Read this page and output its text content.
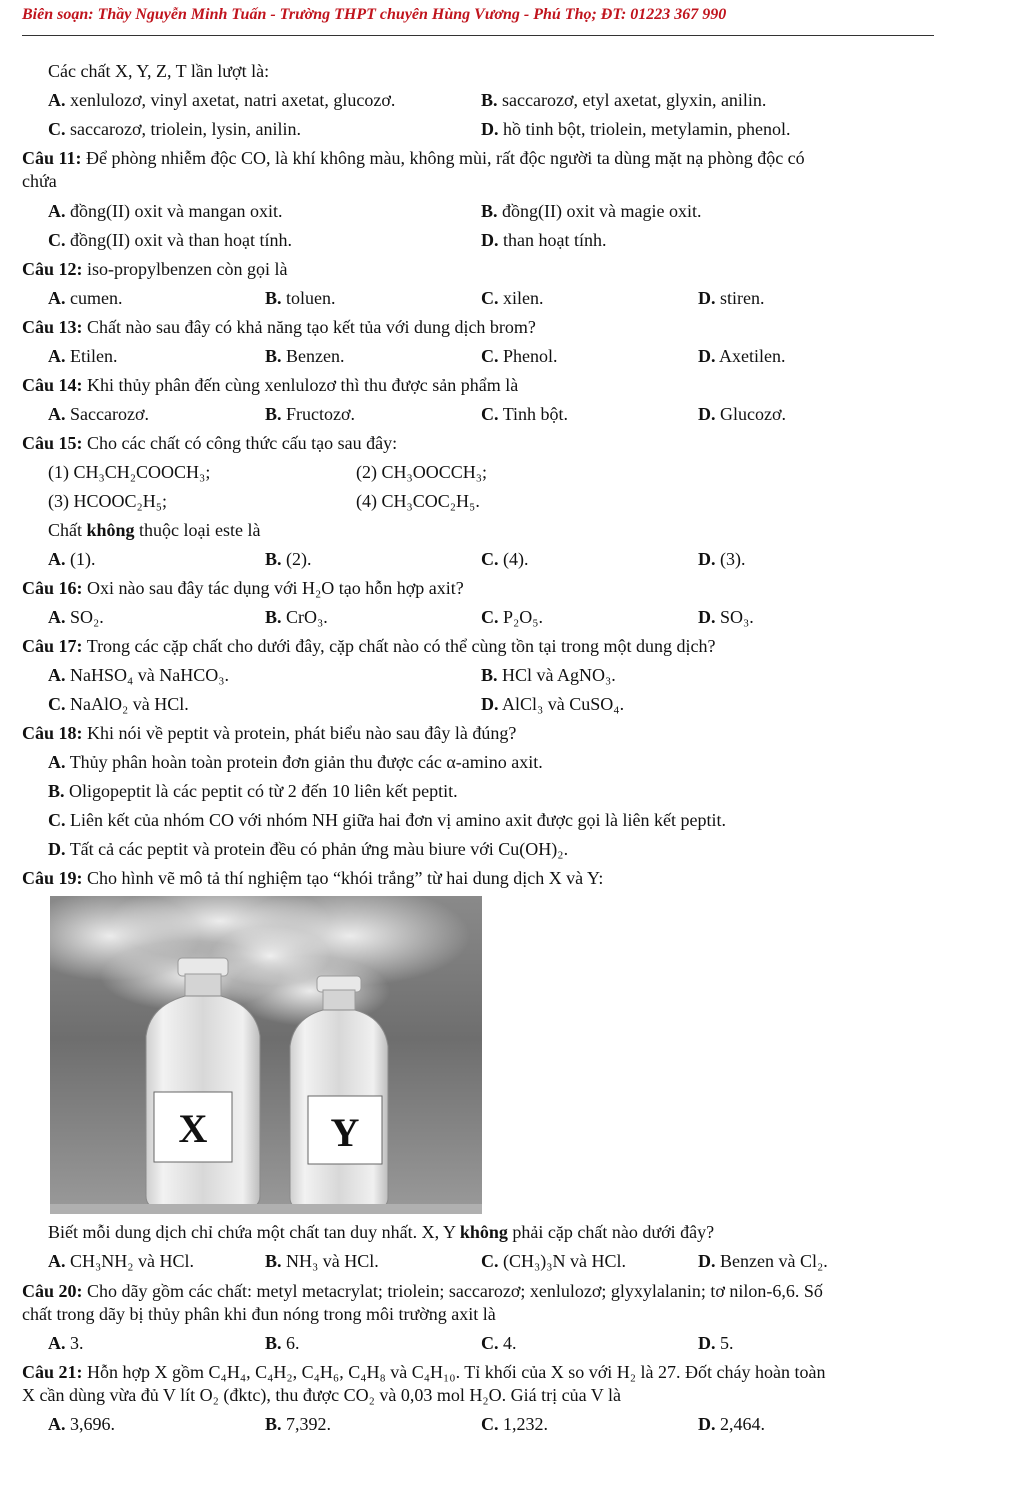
Biên soạn: Thầy Nguyễn Minh Tuấn - Trường THPT chuyên Hùng Vương - Phú Thọ; ĐT: 01223 367 990
Các chất X, Y, Z, T lần lượt là:
A. xenlulozơ, vinyl axetat, natri axetat, glucozơ.	B. saccarozơ, etyl axetat, glyxin, anilin.
C. saccarozơ, triolein, lysin, anilin.	D. hồ tinh bột, triolein, metylamin, phenol.
Câu 11: Để phòng nhiễm độc CO, là khí không màu, không mùi, rất độc người ta dùng mặt nạ phòng độc có
chứa
A. đồng(II) oxit và mangan oxit.	B. đồng(II) oxit và magie oxit.
C. đồng(II) oxit và than hoạt tính.	D. than hoạt tính.
Câu 12: iso-propylbenzen còn gọi là
A. cumen.	B. toluen.	C. xilen.	D. stiren.
Câu 13: Chất nào sau đây có khả năng tạo kết tủa với dung dịch brom?
A. Etilen.	B. Benzen.	C. Phenol.	D. Axetilen.
Câu 14: Khi thủy phân đến cùng xenlulozơ thì thu được sản phẩm là
A. Saccarozơ.	B. Fructozơ.	C. Tinh bột.	D. Glucozơ.
Câu 15: Cho các chất có công thức cấu tạo sau đây:
(1) CH₃CH₂COOCH₃;	(2) CH₃OOCCH₃;
(3) HCOOC₂H₅;	(4) CH₃COC₂H₅.
Chất không thuộc loại este là
A. (1).	B. (2).	C. (4).	D. (3).
Câu 16: Oxi nào sau đây tác dụng với H₂O tạo hỗn hợp axit?
A. SO₂.	B. CrO₃.	C. P₂O₅.	D. SO₃.
Câu 17: Trong các cặp chất cho dưới đây, cặp chất nào có thể cùng tồn tại trong một dung dịch?
A. NaHSO₄ và NaHCO₃.	B. HCl và AgNO₃.
C. NaAlO₂ và HCl.	D. AlCl₃ và CuSO₄.
Câu 18: Khi nói về peptit và protein, phát biểu nào sau đây là đúng?
A. Thủy phân hoàn toàn protein đơn giản thu được các α-amino axit.
B. Oligopeptit là các peptit có từ 2 đến 10 liên kết peptit.
C. Liên kết của nhóm CO với nhóm NH giữa hai đơn vị amino axit được gọi là liên kết peptit.
D. Tất cả các peptit và protein đều có phản ứng màu biure với Cu(OH)₂.
Câu 19: Cho hình vẽ mô tả thí nghiệm tạo “khói trắng” từ hai dung dịch X và Y:
X	Y
Biết mỗi dung dịch chỉ chứa một chất tan duy nhất. X, Y không phải cặp chất nào dưới đây?
A. CH₃NH₂ và HCl.	B. NH₃ và HCl.	C. (CH₃)₃N và HCl.	D. Benzen và Cl₂.
Câu 20: Cho dãy gồm các chất: metyl metacrylat; triolein; saccarozơ; xenlulozơ; glyxylalanin; tơ nilon-6,6. Số
chất trong dãy bị thủy phân khi đun nóng trong môi trường axit là
A. 3.	B. 6.	C. 4.	D. 5.
Câu 21: Hỗn hợp X gồm C₄H₄, C₄H₂, C₄H₆, C₄H₈ và C₄H₁₀. Tỉ khối của X so với H₂ là 27. Đốt cháy hoàn toàn
X cần dùng vừa đủ V lít O₂ (đktc), thu được CO₂ và 0,03 mol H₂O. Giá trị của V là
A. 3,696.	B. 7,392.	C. 1,232.	D. 2,464.
